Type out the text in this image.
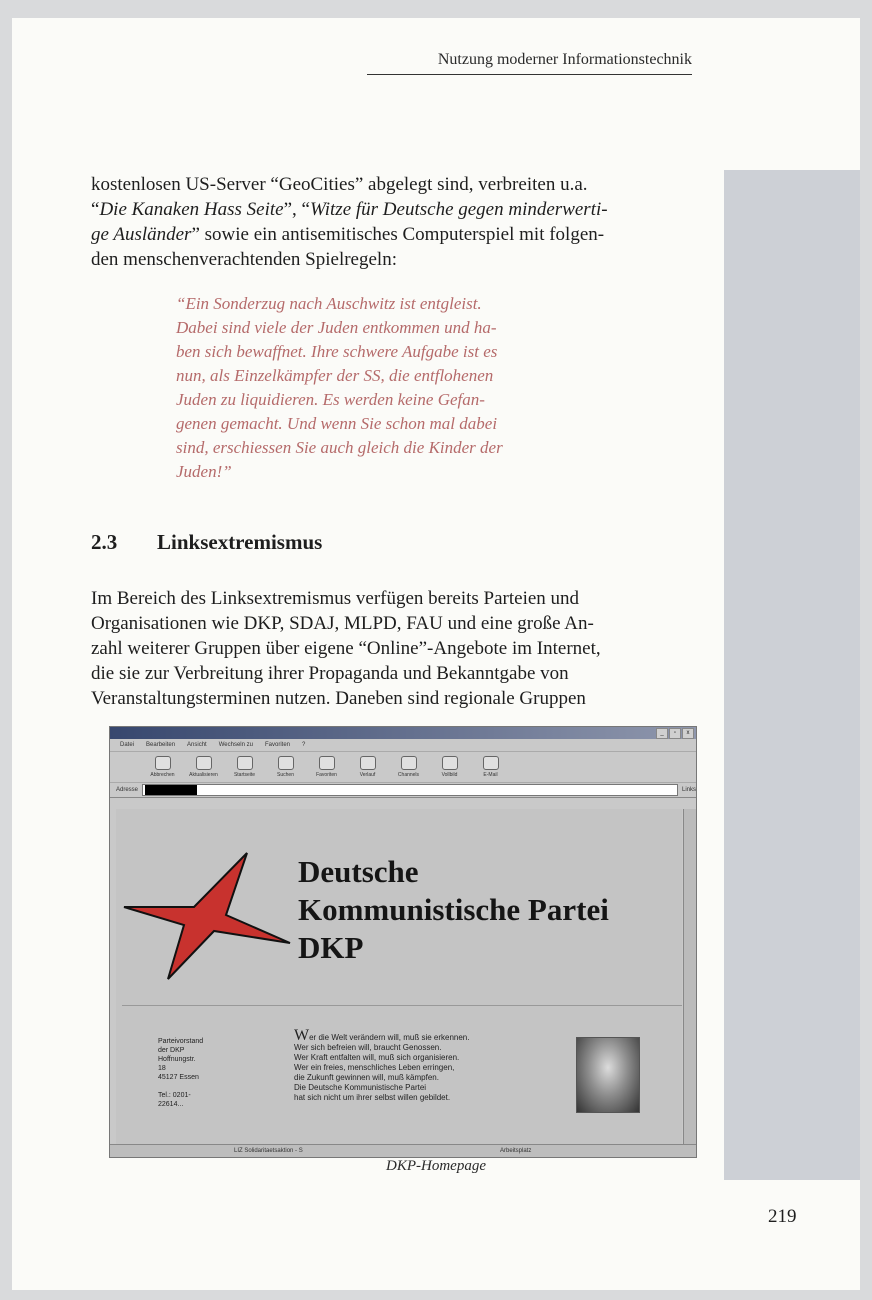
Nutzung moderner Informationstechnik
kostenlosen US-Server “GeoCities” abgelegt sind, verbreiten u.a.
“Die Kanaken Hass Seite”, “Witze für Deutsche gegen minderwerti-
ge Ausländer” sowie ein antisemitisches Computerspiel mit folgen-
den menschenverachtenden Spielregeln:
“Ein Sonderzug nach Auschwitz ist entgleist.
Dabei sind viele der Juden entkommen und ha-
ben sich bewaffnet. Ihre schwere Aufgabe ist es
nun, als Einzelkämpfer der SS, die entflohenen
Juden zu liquidieren. Es werden keine Gefan-
genen gemacht. Und wenn Sie schon mal dabei
sind, erschiessen Sie auch gleich die Kinder der
Juden!”
2.3 Linksextremismus
Im Bereich des Linksextremismus verfügen bereits Parteien und
Organisationen wie DKP, SDAJ, MLPD, FAU und eine große An-
zahl weiterer Gruppen über eigene “Online”-Angebote im Internet,
die sie zur Verbreitung ihrer Propaganda und Bekanntgabe von
Veranstaltungsterminen nutzen. Daneben sind regionale Gruppen
_	▫	x
Datei Bearbeiten Ansicht Wechseln zu Favoriten ?
Abbrechen	Aktualisieren	Startseite	Suchen	Favoriten	Verlauf	Channels	Vollbild	E-Mail
Adresse	Links
Deutsche
Kommunistische Partei
DKP
Parteivorstand
der DKP
Hoffnungstr.
18
45127 Essen
Tel.: 0201-
22614...
Wer die Welt verändern will, muß sie erkennen.
Wer sich befreien will, braucht Genossen.
Wer Kraft entfalten will, muß sich organisieren.
Wer ein freies, menschliches Leben erringen,
die Zukunft gewinnen will, muß kämpfen.
Die Deutsche Kommunistische Partei
hat sich nicht um ihrer selbst willen gebildet.
LIZ Solidaritaetsaktion - S	Arbeitsplatz
DKP-Homepage
219
